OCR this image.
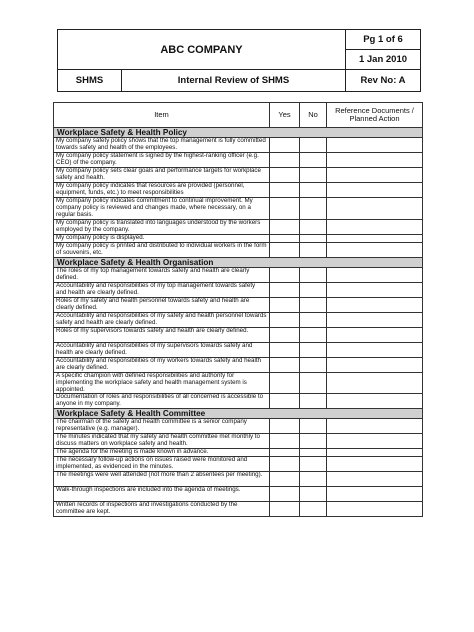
ABC COMPANY
Pg 1 of 6
1 Jan 2010
SHMS	Internal Review of SHMS	Rev No: A
Item	Yes	No	Reference Documents / Planned Action
Workplace Safety & Health Policy			
My company safety policy shows that the top management is fully committed towards safety and health of the employees.			
My company policy statement is signed by the highest-ranking officer (e.g. CEO) of the company.			
My company policy sets clear goals and performance targets for workplace safety and health.			
My company policy indicates that resources are provided (personnel, equipment, funds, etc.) to meet responsibilities			
My company policy indicates commitment to continual improvement. My company policy is reviewed and changes made, where necessary, on a regular basis.			
My company policy is translated into languages understood by the workers employed by the company.			
My company policy is displayed.			
My company policy is printed and distributed to individual workers in the form of souvenirs, etc.			
Workplace Safety & Health Organisation			
The roles of my top management towards safety and health are clearly defined.			
Accountability and responsibilities of my top management towards safety and health are clearly defined.			
Roles of my safety and health personnel towards safety and health are clearly defined.			
Accountability and responsibilities of my safety and health personnel towards safety and health are clearly defined.			
Roles of my supervisors towards safety and health are clearly defined.			
Accountability and responsibilities of my supervisors towards safety and health are clearly defined.			
Accountability and responsibilities of my workers towards safety and health are clearly defined.			
A specific champion with defined responsibilities and authority for implementing the workplace safety and health management system is appointed.			
Documentation of roles and responsibilities of all concerned is accessible to anyone in my company.			
Workplace Safety & Health Committee			
The chairman of the safety and health committee is a senior company representative (e.g. manager).			
The minutes indicated that my safety and health committee met monthly to discuss matters on workplace safety and health.			
The agenda for the meeting is made known in advance.			
The necessary follow-up actions on issues raised were monitored and implemented, as evidenced in the minutes.			
The meetings were well attended (not more than 2 absentees per meeting).			
Walk-through inspections are included into the agenda of meetings.			
Written records of inspections and investigations conducted by the committee are kept.			
